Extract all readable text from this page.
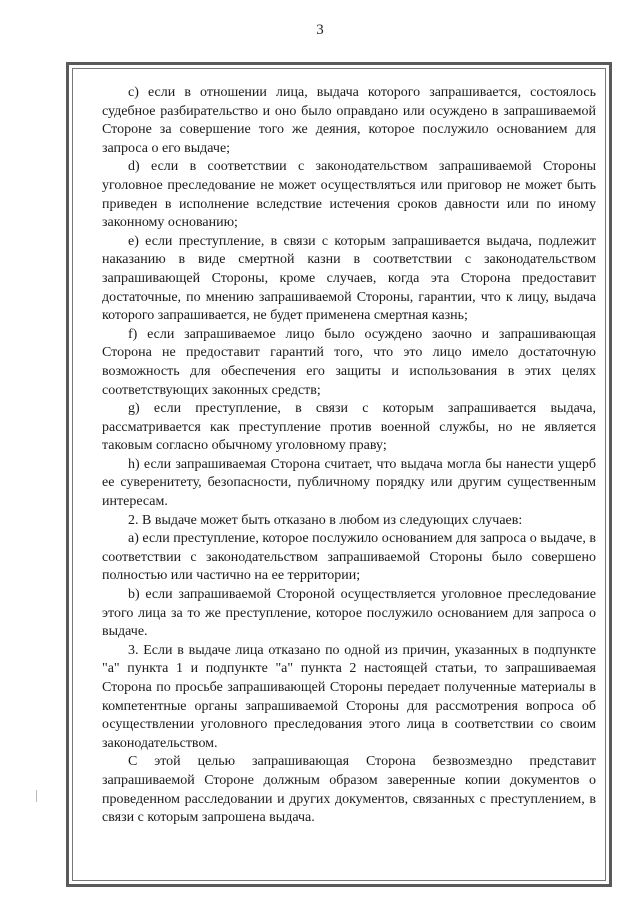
3

c) если в отношении лица, выдача которого запрашивается, состоялось судебное разбирательство и оно было оправдано или осуждено в запрашиваемой Стороне за совершение того же деяния, которое послужило основанием для запроса о его выдаче;

d) если в соответствии с законодательством запрашиваемой Стороны уголовное преследование не может осуществляться или приговор не может быть приведен в исполнение вследствие истечения сроков давности или по иному законному основанию;

e) если преступление, в связи с которым запрашивается выдача, подлежит наказанию в виде смертной казни в соответствии с законодательством запрашивающей Стороны, кроме случаев, когда эта Сторона предоставит достаточные, по мнению запрашиваемой Стороны, гарантии, что к лицу, выдача которого запрашивается, не будет применена смертная казнь;

f) если запрашиваемое лицо было осуждено заочно и запрашивающая Сторона не предоставит гарантий того, что это лицо имело достаточную возможность для обеспечения его защиты и использования в этих целях соответствующих законных средств;

g) если преступление, в связи с которым запрашивается выдача, рассматривается как преступление против военной службы, но не является таковым согласно обычному уголовному праву;

h) если запрашиваемая Сторона считает, что выдача могла бы нанести ущерб ее суверенитету, безопасности, публичному порядку или другим существенным интересам.

2. В выдаче может быть отказано в любом из следующих случаев:

a) если преступление, которое послужило основанием для запроса о выдаче, в соответствии с законодательством запрашиваемой Стороны было совершено полностью или частично на ее территории;

b) если запрашиваемой Стороной осуществляется уголовное преследование этого лица за то же преступление, которое послужило основанием для запроса о выдаче.

3. Если в выдаче лица отказано по одной из причин, указанных в подпункте "а" пункта 1 и подпункте "а" пункта 2 настоящей статьи, то запрашиваемая Сторона по просьбе запрашивающей Стороны передает полученные материалы в компетентные органы запрашиваемой Стороны для рассмотрения вопроса об осуществлении уголовного преследования этого лица в соответствии со своим законодательством.

С этой целью запрашивающая Сторона безвозмездно представит запрашиваемой Стороне должным образом заверенные копии документов о проведенном расследовании и других документов, связанных с преступлением, в связи с которым запрошена выдача.
